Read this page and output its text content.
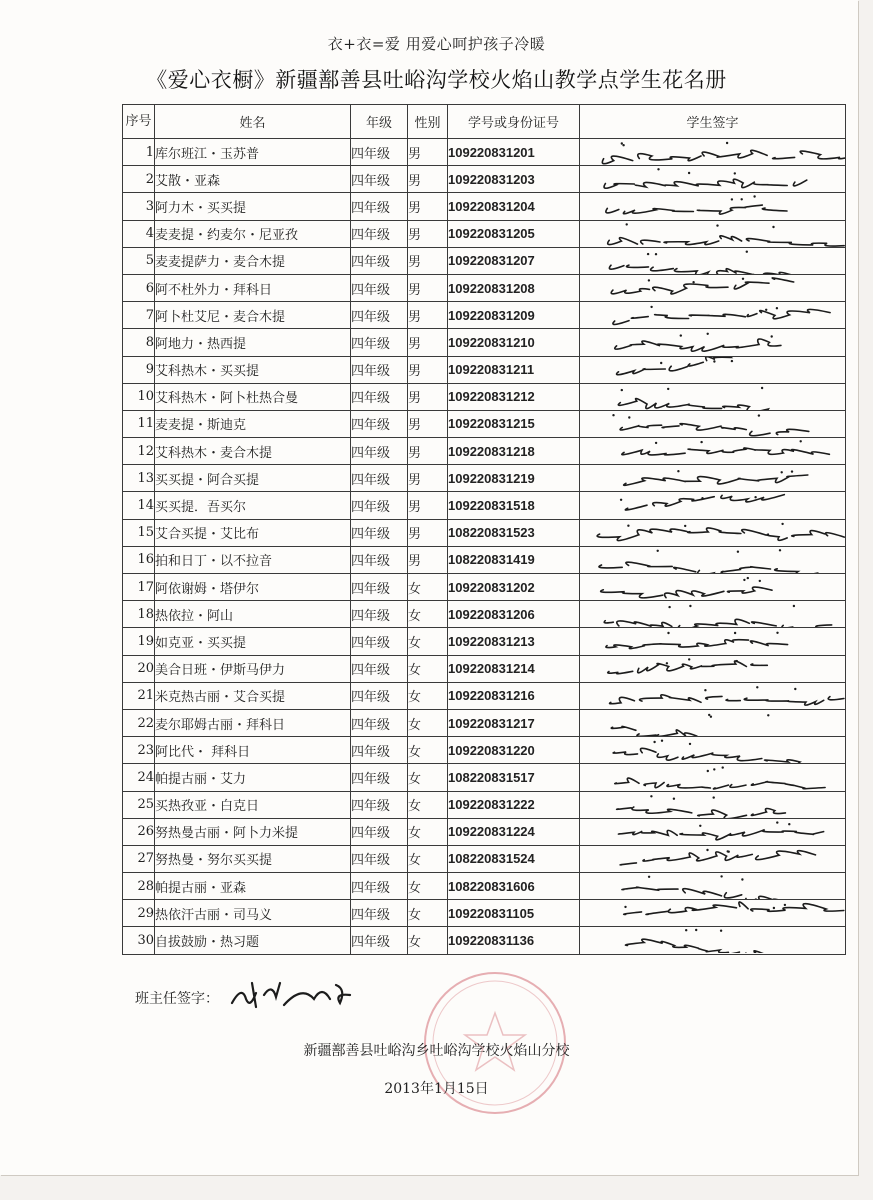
衣+衣=爱 用爱心呵护孩子冷暖
《爱心衣橱》新疆鄯善县吐峪沟学校火焰山教学点学生花名册
序号	姓名	年级	性别	学号或身份证号	学生签字
1	库尔班江・玉苏普	四年级	男	109220831201	

2	艾散・亚森	四年级	男	109220831203	

3	阿力木・买买提	四年级	男	109220831204	

4	麦麦提・约麦尔・尼亚孜	四年级	男	109220831205	

5	麦麦提萨力・麦合木提	四年级	男	109220831207	

6	阿不杜外力・拜科日	四年级	男	109220831208	

7	阿卜杜艾尼・麦合木提	四年级	男	109220831209	

8	阿地力・热西提	四年级	男	109220831210	

9	艾科热木・买买提	四年级	男	109220831211	

10	艾科热木・阿卜杜热合曼	四年级	男	109220831212	

11	麦麦提・斯迪克	四年级	男	109220831215	

12	艾科热木・麦合木提	四年级	男	109220831218	

13	买买提・阿合买提	四年级	男	109220831219	

14	买买提．吾买尔	四年级	男	109220831518	

15	艾合买提・艾比布	四年级	男	108220831523	

16	拍和日丁・以不拉音	四年级	男	108220831419	

17	阿依谢姆・塔伊尔	四年级	女	109220831202	

18	热依拉・阿山	四年级	女	109220831206	

19	如克亚・买买提	四年级	女	109220831213	

20	美合日班・伊斯马伊力	四年级	女	109220831214	

21	米克热古丽・艾合买提	四年级	女	109220831216	

22	麦尔耶姆古丽・拜科日	四年级	女	109220831217	

23	阿比代・ 拜科日	四年级	女	109220831220	

24	帕提古丽・艾力	四年级	女	108220831517	

25	买热孜亚・白克日	四年级	女	109220831222	

26	努热曼古丽・阿卜力米提	四年级	女	109220831224	

27	努热曼・努尔买买提	四年级	女	108220831524	

28	帕提古丽・亚森	四年级	女	108220831606	

29	热依汗古丽・司马义	四年级	女	109220831105	

30	自拔鼓励・热习题	四年级	女	109220831136	
班主任签字：
新疆鄯善县吐峪沟乡吐峪沟学校火焰山分校
2013年1月15日
